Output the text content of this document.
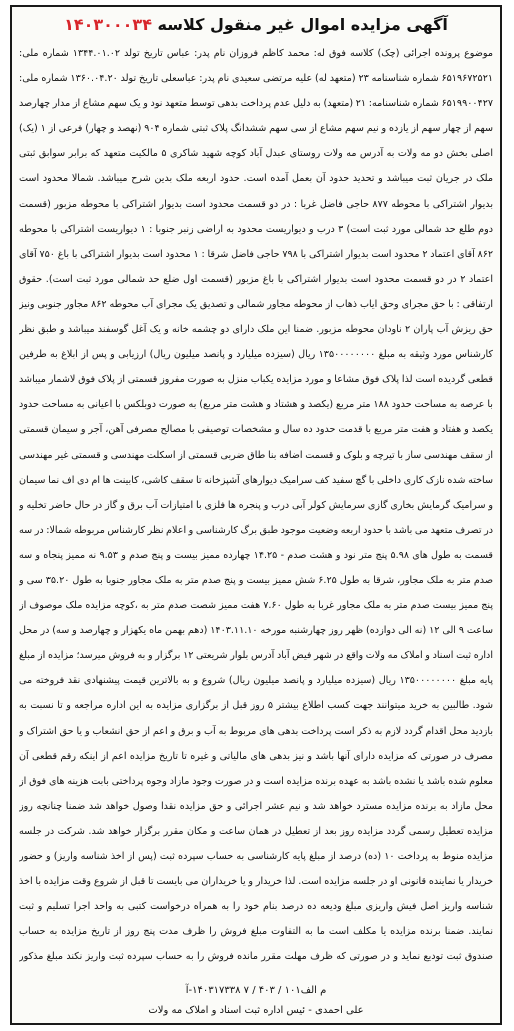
آگهی مزایده اموال غیر منقول کلاسه ۱۴۰۳۰۰۰۳۴

موضوع پرونده اجرائی (چک) کلاسه فوق له: محمد کاظم فروزان نام پدر: عباس تاریخ تولد ۱۳۴۴.۰۱.۰۲ شماره ملی: ۶۵۱۹۶۷۲۵۲۱ شماره شناسنامه ۲۳ (متعهد له) علیه مرتضی سعیدی نام پدر: عباسعلی تاریخ تولد ۱۳۶۰.۰۴.۲۰ شماره ملی: ۶۵۱۹۹۰۰۴۲۷ شماره شناسنامه: ۲۱ (متعهد) به دلیل عدم پرداخت بدهی توسط متعهد نود و یک سهم مشاع از مدار چهارصد سهم از چهار سهم از یازده و نیم سهم مشاع از سی سهم ششدانگ پلاک ثبتی شماره ۹۰۴ (نهصد و چهار) فرعی از ۱ (یک) اصلی بخش دو مه ولات به آدرس مه ولات روستای عبدل آباد کوچه شهید شاکری ۵ مالکیت متعهد که برابر سوابق ثبتی ملک در جریان ثبت میباشد و تحدید حدود آن بعمل آمده است. حدود اربعه ملک بدین شرح میباشد. شمالا محدود است بدیوار اشتراکی با محوطه ۸۷۷ حاجی فاضل غربا : در دو قسمت محدود است بدیوار اشتراکی با محوطه مزبور (قسمت دوم طلع حد شمالی مورد ثبت است) ۳ درب و دیواریست محدود به اراضی زنبر جنوبا : ۱ دیواریست اشتراکی با محوطه ۸۶۲ آقای اعتماد ۲ محدود است بدیوار اشتراکی با ۷۹۸ حاجی فاضل شرقا : ۱ محدود است بدیوار اشتراکی با باغ ۷۵۰ آقای اعتماد ۲ در دو قسمت محدود است بدیوار اشتراکی با باغ مزبور (قسمت اول ضلع حد شمالی مورد ثبت است). حقوق ارتفاقی : با حق مجرای وحق ایاب ذهاب از محوطه مجاور شمالی و تصدیق یک مجرای آب محوطه ۸۶۲ مجاور جنوبی ونیز حق ریزش آب پاران ۲ ناودان محوطه مزبور. ضمنا این ملک دارای دو چشمه خانه و یک آغل گوسفند میباشد و طبق نظر کارشناس مورد وثیقه به مبلغ ۱۳۵۰۰۰۰۰۰۰۰ ریال (سیزده میلیارد و پانصد میلیون ریال) ارزیابی و پس از ابلاغ به طرفین قطعی گردیده است لذا پلاک فوق مشاعا و مورد مزایده یکباب منزل به صورت مفروز قسمتی از پلاک فوق لاشمار میباشد با عرصه به مساحت حدود ۱۸۸ متر مربع (یکصد و هشتاد و هشت متر مربع) به صورت دوبلکس با اعیانی به مساحت حدود یکصد و هفتاد و هفت متر مربع با قدمت حدود ده سال و مشخصات توصیفی با مصالح مصرفی آهن، آجر و سیمان قسمتی از سقف مهندسی ساز با تیرچه و بلوک و قسمت اضافه بنا طاق ضربی قسمتی از اسکلت مهندسی و قسمتی غیر مهندسی ساخته شده نازک کاری داخلی با گچ سفید کف سرامیک دیوارهای آشپزخانه تا سقف کاشی، کابینت ها ام دی اف نما سیمان و سرامیک گرمایش بخاری گازی سرمایش کولر آبی درب و پنجره ها فلزی با امتیازات آب برق و گاز در حال حاضر تخلیه و در تصرف متعهد می باشد با حدود اربعه وضعیت موجود طبق برگ کارشناسی و اعلام نظر کارشناس مربوطه شمالا: در سه قسمت به طول های ۵.۹۸ پنج متر نود و هشت صدم - ۱۴.۲۵ چهارده ممیز بیست و پنج صدم و ۹.۵۳ نه ممیز پنجاه و سه صدم متر به ملک مجاور، شرقا به طول ۶.۲۵ شش ممیز بیست و پنج صدم متر به ملک مجاور جنوبا به طول ۳۵.۲۰ سی و پنج ممیز بیست صدم متر به ملک مجاور غربا به طول ۷.۶۰ هفت ممیز شصت صدم متر به ،کوچه مزایده ملک موصوف از ساعت ۹ الی ۱۲ (نه الی دوازده) ظهر روز چهارشنبه مورخه ۱۴۰۳.۱۱.۱۰ (دهم بهمن ماه یکهزار و چهارصد و سه) در محل اداره ثبت اسناد و املاک مه ولات واقع در شهر فیض آباد آدرس بلوار شریعتی ۱۲ برگزار و به فروش میرسد؛ مزایده از مبلغ پایه مبلغ ۱۳۵۰۰۰۰۰۰۰۰ ریال (سیزده میلیارد و پانصد میلیون ریال) شروع و به بالاترین قیمت پیشنهادی نقد فروخته می شود. طالبین به خرید میتوانند جهت کسب اطلاع بیشتر ۵ روز قبل از برگزاری مزایده به این اداره مراجعه و تا نسبت به بازدید محل اقدام گردد لازم به ذکر است پرداخت بدهی های مربوط به آب و برق و اعم از حق انشعاب و یا حق اشتراک و مصرف در صورتی که مزایده دارای آنها باشد و نیز بدهی های مالیاتی و غیره تا تاریخ مزایده اعم از اینکه رقم قطعی آن معلوم شده باشد یا نشده باشد به عهده برنده مزایده است و در صورت وجود مازاد وجوه پرداختی بابت هزینه های فوق از محل مازاد به برنده مزایده مسترد خواهد شد و نیم عشر اجرائی و حق مزایده نقدا وصول خواهد شد ضمنا چنانچه روز مزایده تعطیل رسمی گردد مزایده روز بعد از تعطیل در همان ساعت و مکان مقرر برگزار خواهد شد. شرکت در جلسه مزایده منوط به پرداخت ۱۰ (ده) درصد از مبلغ پایه کارشناسی به حساب سپرده ثبت (پس از اخذ شناسه واریز) و حضور خریدار یا نماینده قانونی او در جلسه مزایده است. لذا خریدار و یا خریداران می بایست تا قبل از شروع وقت مزایده با اخذ شناسه واریز اصل فیش واریزی مبلغ ودیعه ده درصد بنام خود را به همراه درخواست کتبی به واحد اجرا تسلیم و ثبت نمایند. ضمنا برنده مزایده یا مکلف است ما به التفاوت مبلغ فروش را ظرف مدت پنج روز از تاریخ مزایده به حساب صندوق ثبت تودیع نماید و در صورتی که ظرف مهلت مقرر مانده فروش را به حساب سپرده ثبت واریز نکند مبلغ مذکور

م الف۱۰۱ / ۴۰۳ / ۷ ۱۴۰۳۱۷۳۳۸-آ
علی احمدی - ئیس اداره ثبت اسناد و املاک مه ولات
